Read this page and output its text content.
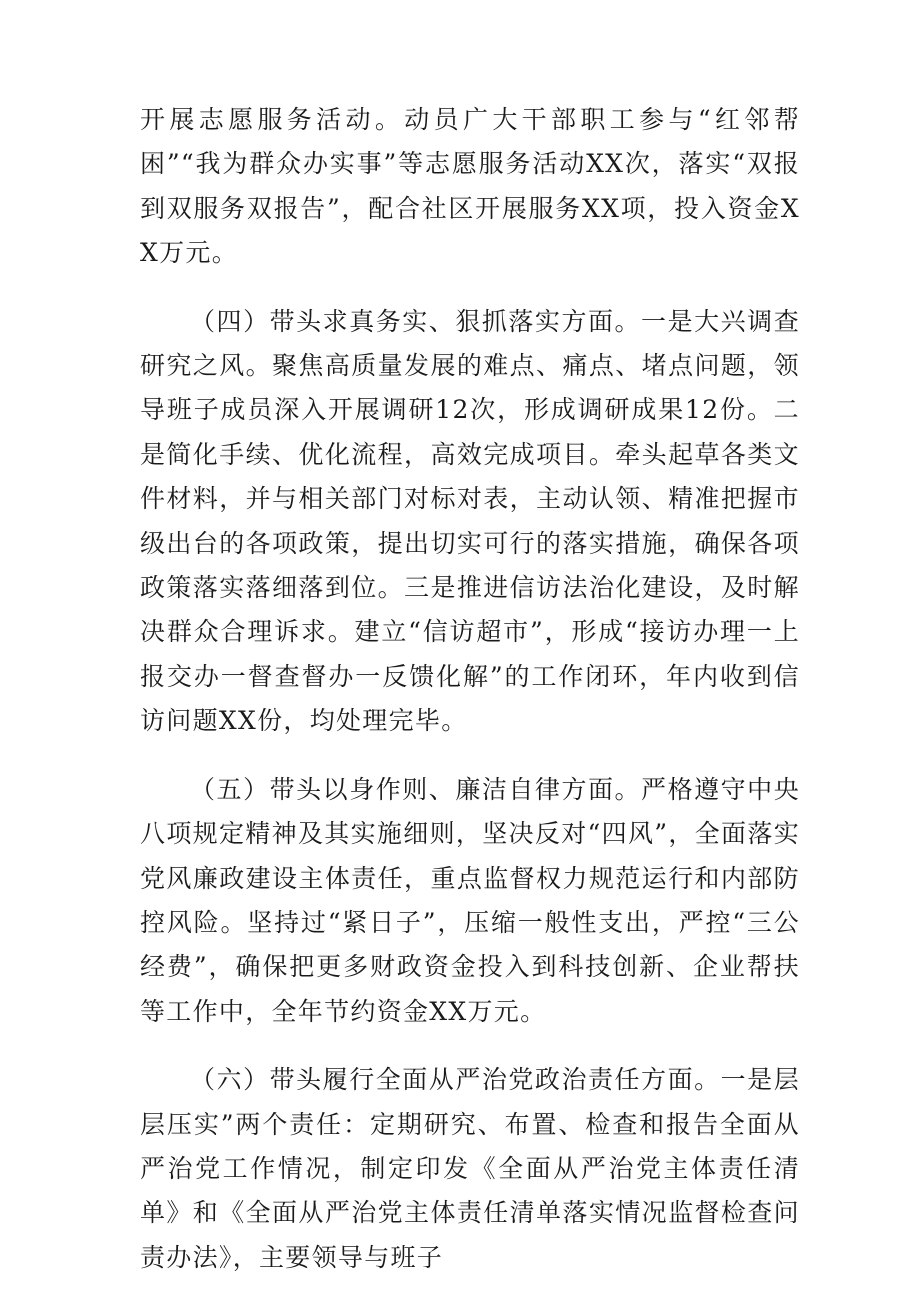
开展志愿服务活动。动员广大干部职工参与“红邻帮困”“我为群众办实事”等志愿服务活动XX次，落实“双报到双服务双报告”，配合社区开展服务XX项，投入资金XX万元。

（四）带头求真务实、狠抓落实方面。一是大兴调查研究之风。聚焦高质量发展的难点、痛点、堵点问题，领导班子成员深入开展调研12次，形成调研成果12份。二是简化手续、优化流程，高效完成项目。牵头起草各类文件材料，并与相关部门对标对表，主动认领、精准把握市级出台的各项政策，提出切实可行的落实措施，确保各项政策落实落细落到位。三是推进信访法治化建设，及时解决群众合理诉求。建立“信访超市”，形成“接访办理一上报交办一督查督办一反馈化解”的工作闭环，年内收到信访问题XX份，均处理完毕。

（五）带头以身作则、廉洁自律方面。严格遵守中央八项规定精神及其实施细则，坚决反对“四风”，全面落实党风廉政建设主体责任，重点监督权力规范运行和内部防控风险。坚持过“紧日子”，压缩一般性支出，严控“三公经费”，确保把更多财政资金投入到科技创新、企业帮扶等工作中，全年节约资金XX万元。

（六）带头履行全面从严治党政治责任方面。一是层层压实”两个责任：定期研究、布置、检查和报告全面从严治党工作情况，制定印发《全面从严治党主体责任清单》和《全面从严治党主体责任清单落实情况监督检查问责办法》，主要领导与班子
